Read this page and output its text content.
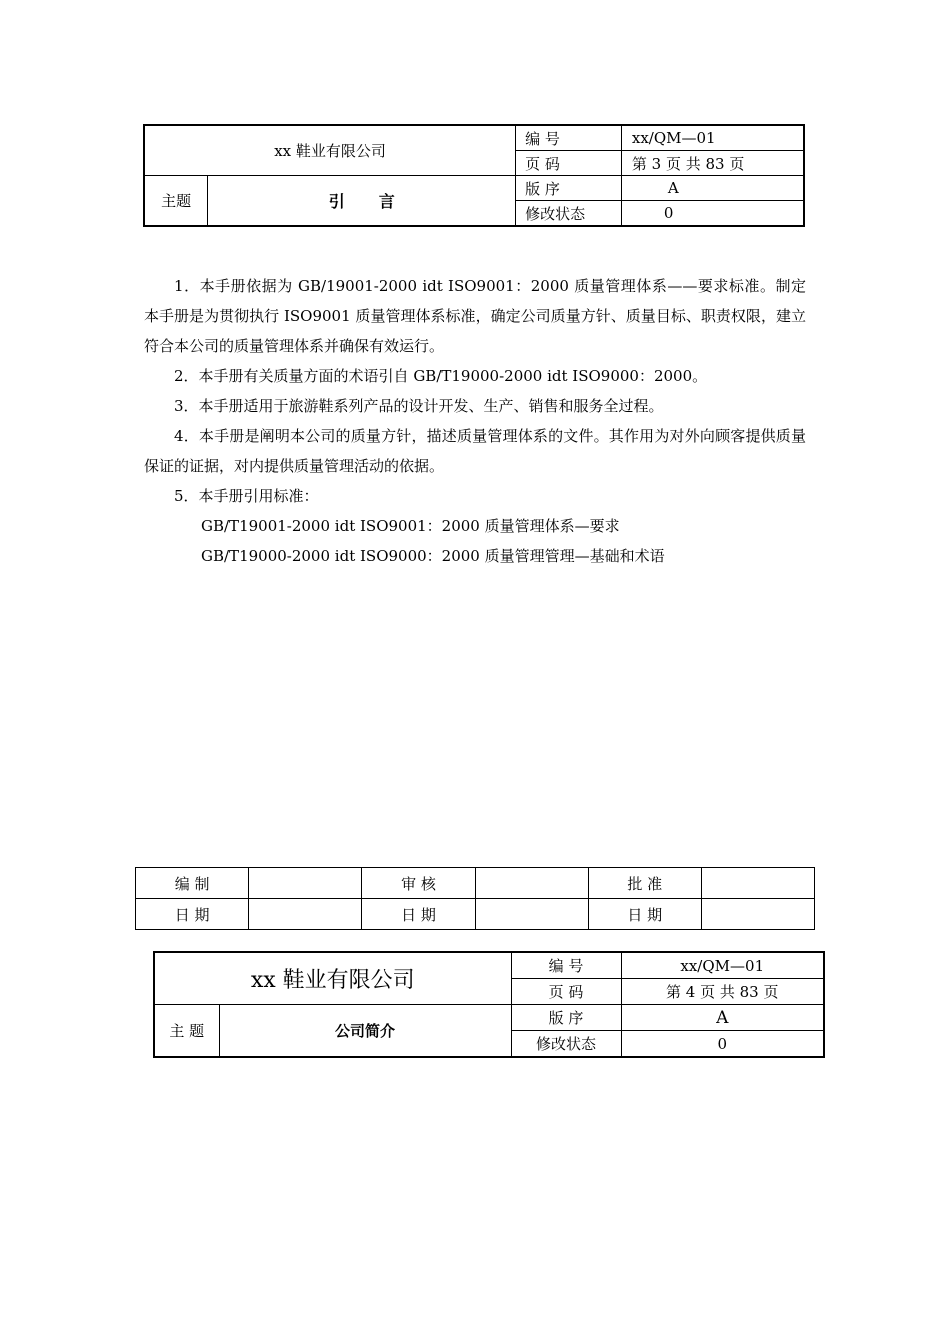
xx 鞋业有限公司		编 号	xx/QM—01
		页 码	第 3 页 共 83 页
主题	引言	版 序	A
		修改状态	0

1．本手册依据为 GB/19001-2000 idt ISO9001：2000 质量管理体系——要求标准。制定本手册是为贯彻执行 ISO9001 质量管理体系标准，确定公司质量方针、质量目标、职责权限，建立符合本公司的质量管理体系并确保有效运行。

2．本手册有关质量方面的术语引自 GB/T19000-2000 idt ISO9000：2000。

3．本手册适用于旅游鞋系列产品的设计开发、生产、销售和服务全过程。

4．本手册是阐明本公司的质量方针，描述质量管理体系的文件。其作用为对外向顾客提供质量保证的证据，对内提供质量管理活动的依据。

5．本手册引用标准：

GB/T19001-2000 idt ISO9001：2000 质量管理体系—要求

GB/T19000-2000 idt ISO9000：2000 质量管理管理—基础和术语

编 制		审 核		批 准	
日 期		日 期		日 期	
xx 鞋业有限公司		编 号	xx/QM—01
		页 码	第 4 页 共 83 页
主 题	公司简介	版 序	A
		修改状态	0
